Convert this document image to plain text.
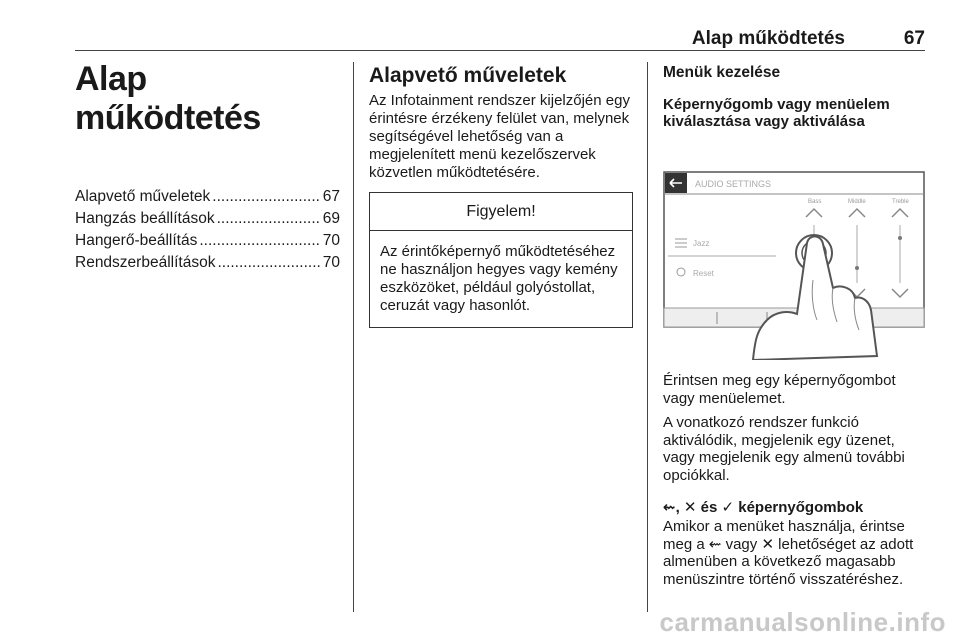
Alap működtetés	67
Alap működtetés
Alapvető műveletek .....	67
Hangzás beállítások .....	69
Hangerő-beállítás .....	70
Rendszerbeállítások .....	70
Alapvető műveletek

Az Infotainment rendszer kijelzőjén egy érintésre érzékeny felület van, melynek segítségével lehetőség van a megjelenített menü kezelőszervek közvetlen működtetésére.

Figyelem!
Az érintőképernyő működtetéséhez ne használjon hegyes vagy kemény eszközöket, például golyóstollat, ceruzát vagy hasonlót.
Menük kezelése

Képernyőgomb vagy menüelem kiválasztása vagy aktiválása

AUDIO SETTINGS
Bass	Middle	Treble
Jazz
Reset

Érintsen meg egy képernyőgombot vagy menüelemet.

A vonatkozó rendszer funkció aktiválódik, megjelenik egy üzenet, vagy megjelenik egy almenü további opciókkal.

⇜, ✕ és ✓ képernyőgombok

Amikor a menüket használja, érintse meg a ⇜ vagy ✕ lehetőséget az adott almenüben a következő magasabb menüszintre történő visszatéréshez.

carmanualsonline.info
